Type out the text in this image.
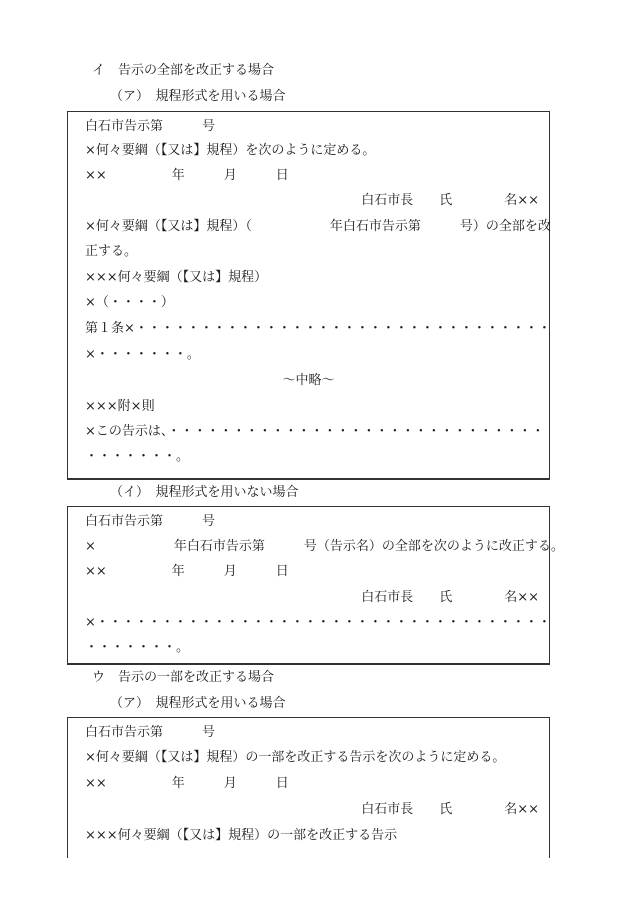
イ　告示の全部を改正する場合
（ア）　規程形式を用いる場合
白石市告示第　　　号
×何々要綱（【又は】規程）を次のように定める。
××　　　　　年　　　月　　　日
白石市長　　氏　　　　名××
×何々要綱（【又は】規程）（　　　　　　年白石市告示第　　　号）の全部を改
正する。
×××何々要綱（【又は】規程）
×（・・・・）
第１条×・・・・・・・・・・・・・・・・・・・・・・・・・・・・・・・・
×・・・・・・・。
～中略～
×××附×則
×この告示は、・・・・・・・・・・・・・・・・・・・・・・・・・・・・・
・・・・・・・。
（イ）　規程形式を用いない場合
白石市告示第　　　号
×　　　　　　年白石市告示第　　　号（告示名）の全部を次のように改正する。
××　　　　　年　　　月　　　日
白石市長　　氏　　　　名××
×・・・・・・・・・・・・・・・・・・・・・・・・・・・・・・・・・・・
・・・・・・・。
ウ　告示の一部を改正する場合
（ア）　規程形式を用いる場合
白石市告示第　　　号
×何々要綱（【又は】規程）の一部を改正する告示を次のように定める。
××　　　　　年　　　月　　　日
白石市長　　氏　　　　名××
×××何々要綱（【又は】規程）の一部を改正する告示
